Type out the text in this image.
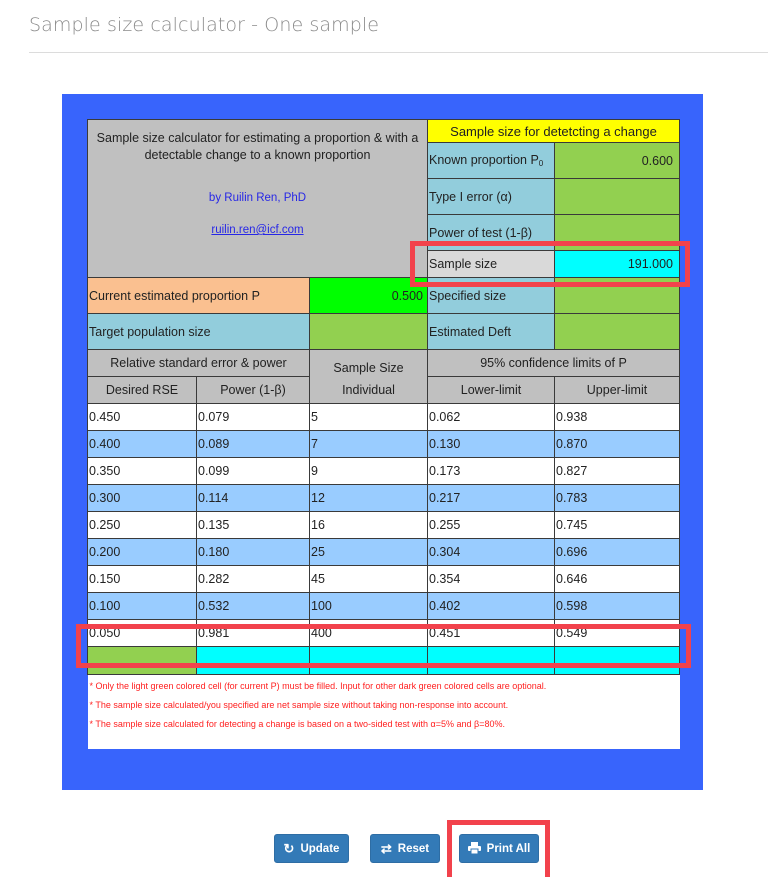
Sample size calculator - One sample
Sample size calculator for estimating a proportion & with a detectable change to a known proportion
by Ruilin Ren, PhD
ruilin.ren@icf.com			Sample size for detetcting a change	
			Known proportion $P_0$	0.600
			Type I error (α)	
			Power of test (1-β)	
			Sample size	191.000
Current estimated proportion P		0.500	Specified size	
Target population size			Estimated Deft	
Relative standard error & power		Sample Size	95% confidence limits of P	
Desired RSE	Power (1-β)	Individual	Lower-limit	Upper-limit
0.450	0.079	5	0.062	0.938
0.400	0.089	7	0.130	0.870
0.350	0.099	9	0.173	0.827
0.300	0.114	12	0.217	0.783
0.250	0.135	16	0.255	0.745
0.200	0.180	25	0.304	0.696
0.150	0.282	45	0.354	0.646
0.100	0.532	100	0.402	0.598
0.050	0.981	400	0.451	0.549

* Only the light green colored cell (for current P) must be filled. Input for other dark green colored cells are optional.
* The sample size calculated/you specified are net sample size without taking non-response into account.
* The sample size calculated for detecting a change is based on a two-sided test with α=5% and β=80%.				
↻ Update	⇄ Reset	Print All
